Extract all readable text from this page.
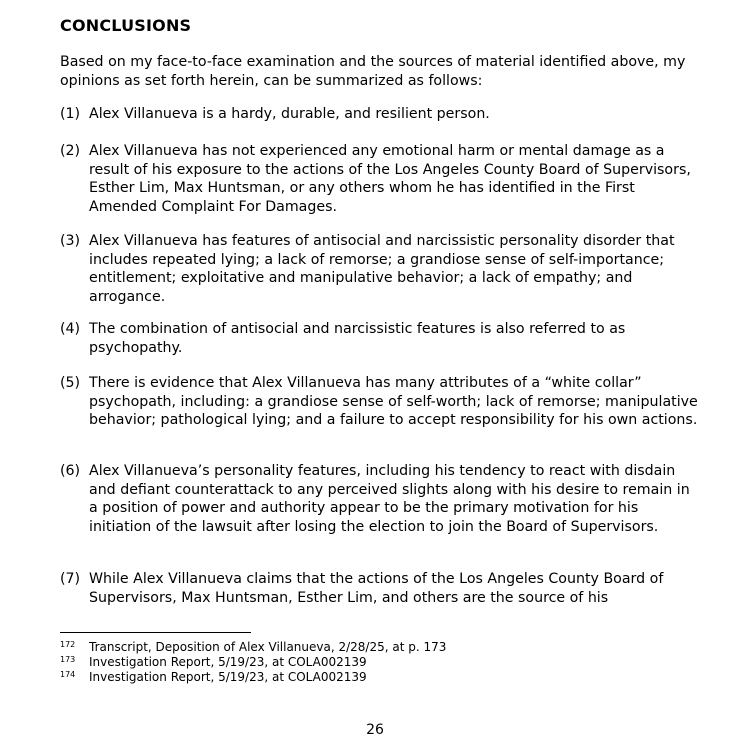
CONCLUSIONS

Based on my face-to-face examination and the sources of material identified above, my opinions as set forth herein, can be summarized as follows:

(1) Alex Villanueva is a hardy, durable, and resilient person.
(2) Alex Villanueva has not experienced any emotional harm or mental damage as a result of his exposure to the actions of the Los Angeles County Board of Supervisors, Esther Lim, Max Huntsman, or any others whom he has identified in the First Amended Complaint For Damages.
(3) Alex Villanueva has features of antisocial and narcissistic personality disorder that includes repeated lying; a lack of remorse; a grandiose sense of self-importance; entitlement; exploitative and manipulative behavior; a lack of empathy; and arrogance.
(4) The combination of antisocial and narcissistic features is also referred to as psychopathy.
(5) There is evidence that Alex Villanueva has many attributes of a “white collar” psychopath, including: a grandiose sense of self-worth; lack of remorse; manipulative behavior; pathological lying; and a failure to accept responsibility for his own actions.
(6) Alex Villanueva’s personality features, including his tendency to react with disdain and defiant counterattack to any perceived slights along with his desire to remain in a position of power and authority appear to be the primary motivation for his initiation of the lawsuit after losing the election to join the Board of Supervisors.
(7) While Alex Villanueva claims that the actions of the Los Angeles County Board of Supervisors, Max Huntsman, Esther Lim, and others are the source of his

$^{172}$ Transcript, Deposition of Alex Villanueva, 2/28/25, at p. 173

$^{173}$ Investigation Report, 5/19/23, at COLA002139

$^{174}$ Investigation Report, 5/19/23, at COLA002139

26
